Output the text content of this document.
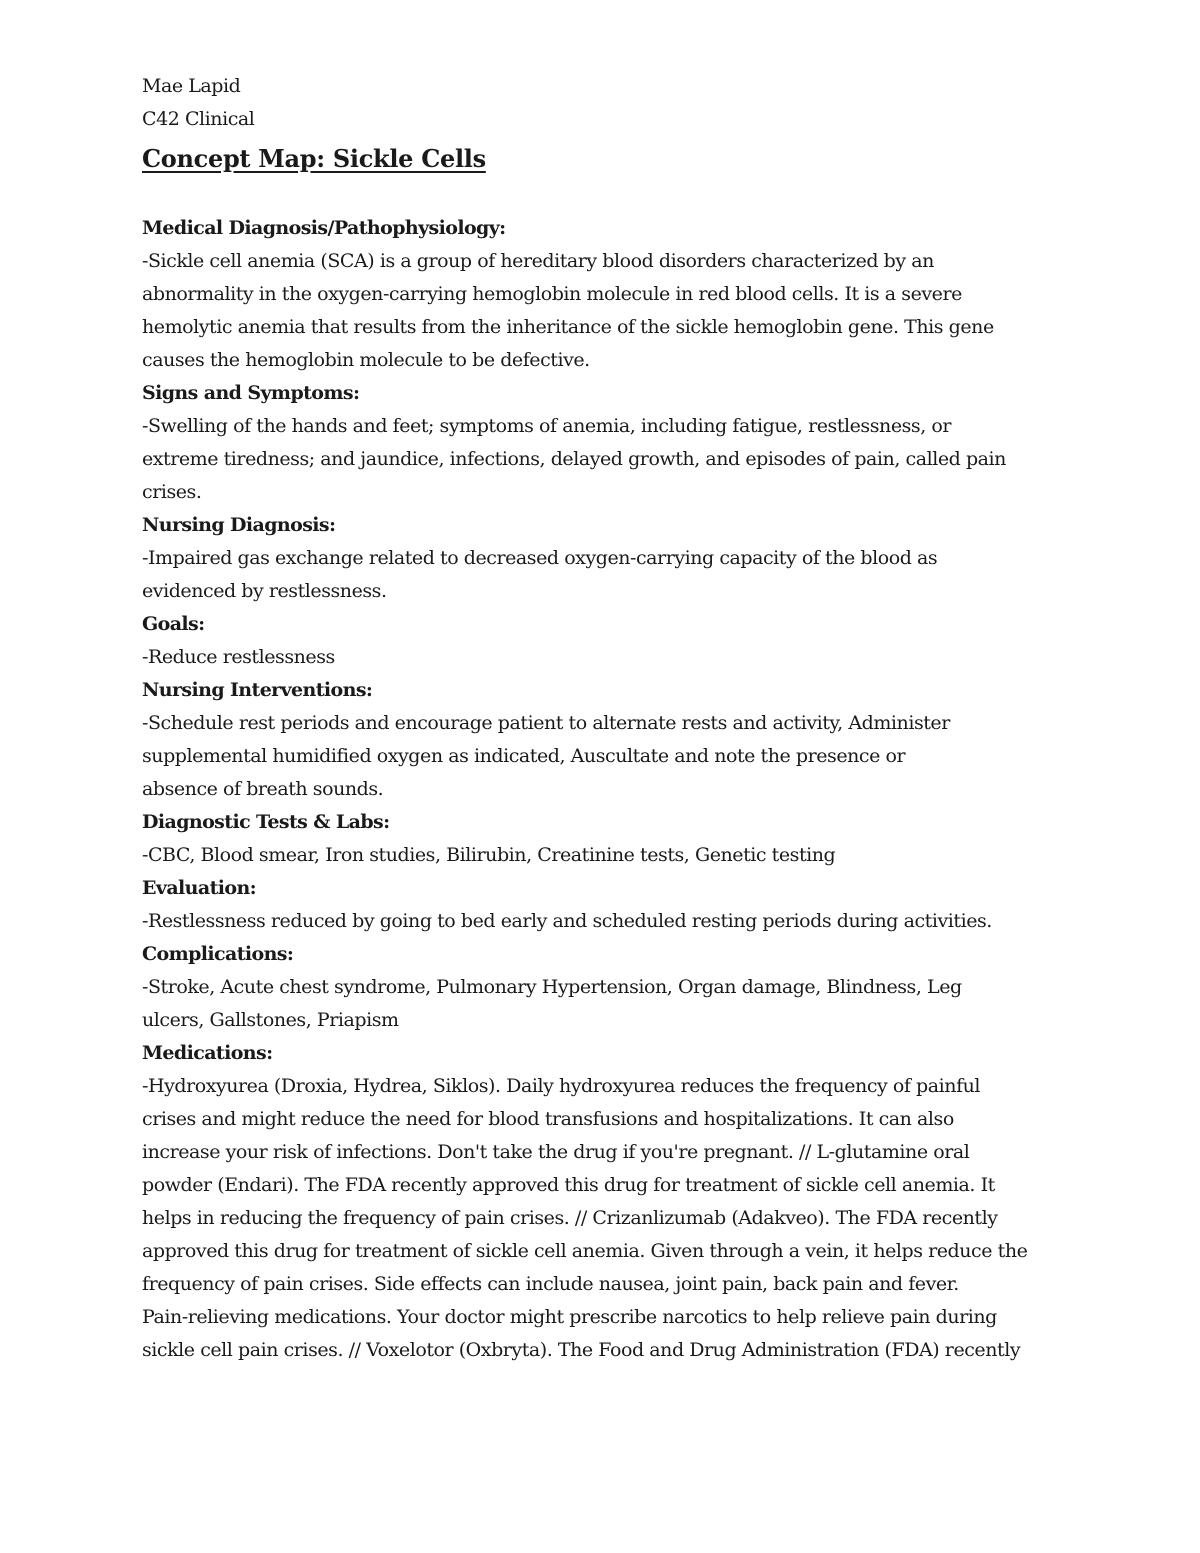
Mae Lapid
C42 Clinical
Concept Map: Sickle Cells
Medical Diagnosis/Pathophysiology:
-Sickle cell anemia (SCA) is a group of hereditary blood disorders characterized by an
abnormality in the oxygen-carrying hemoglobin molecule in red blood cells. It is a severe
hemolytic anemia that results from the inheritance of the sickle hemoglobin gene. This gene
causes the hemoglobin molecule to be defective.
Signs and Symptoms:
-Swelling of the hands and feet; symptoms of anemia, including fatigue, restlessness, or
extreme tiredness; and jaundice, infections, delayed growth, and episodes of pain, called pain
crises.
Nursing Diagnosis:
-Impaired gas exchange related to decreased oxygen-carrying capacity of the blood as
evidenced by restlessness.
Goals:
-Reduce restlessness
Nursing Interventions:
-Schedule rest periods and encourage patient to alternate rests and activity, Administer
supplemental humidified oxygen as indicated, Auscultate and note the presence or
absence of breath sounds.
Diagnostic Tests & Labs:
-CBC, Blood smear, Iron studies, Bilirubin, Creatinine tests, Genetic testing
Evaluation:
-Restlessness reduced by going to bed early and scheduled resting periods during activities.
Complications:
-Stroke, Acute chest syndrome, Pulmonary Hypertension, Organ damage, Blindness, Leg
ulcers, Gallstones, Priapism
Medications:
-Hydroxyurea (Droxia, Hydrea, Siklos). Daily hydroxyurea reduces the frequency of painful
crises and might reduce the need for blood transfusions and hospitalizations. It can also
increase your risk of infections. Don't take the drug if you're pregnant. // L-glutamine oral
powder (Endari). The FDA recently approved this drug for treatment of sickle cell anemia. It
helps in reducing the frequency of pain crises. // Crizanlizumab (Adakveo). The FDA recently
approved this drug for treatment of sickle cell anemia. Given through a vein, it helps reduce the
frequency of pain crises. Side effects can include nausea, joint pain, back pain and fever.
Pain-relieving medications. Your doctor might prescribe narcotics to help relieve pain during
sickle cell pain crises. // Voxelotor (Oxbryta). The Food and Drug Administration (FDA) recently
